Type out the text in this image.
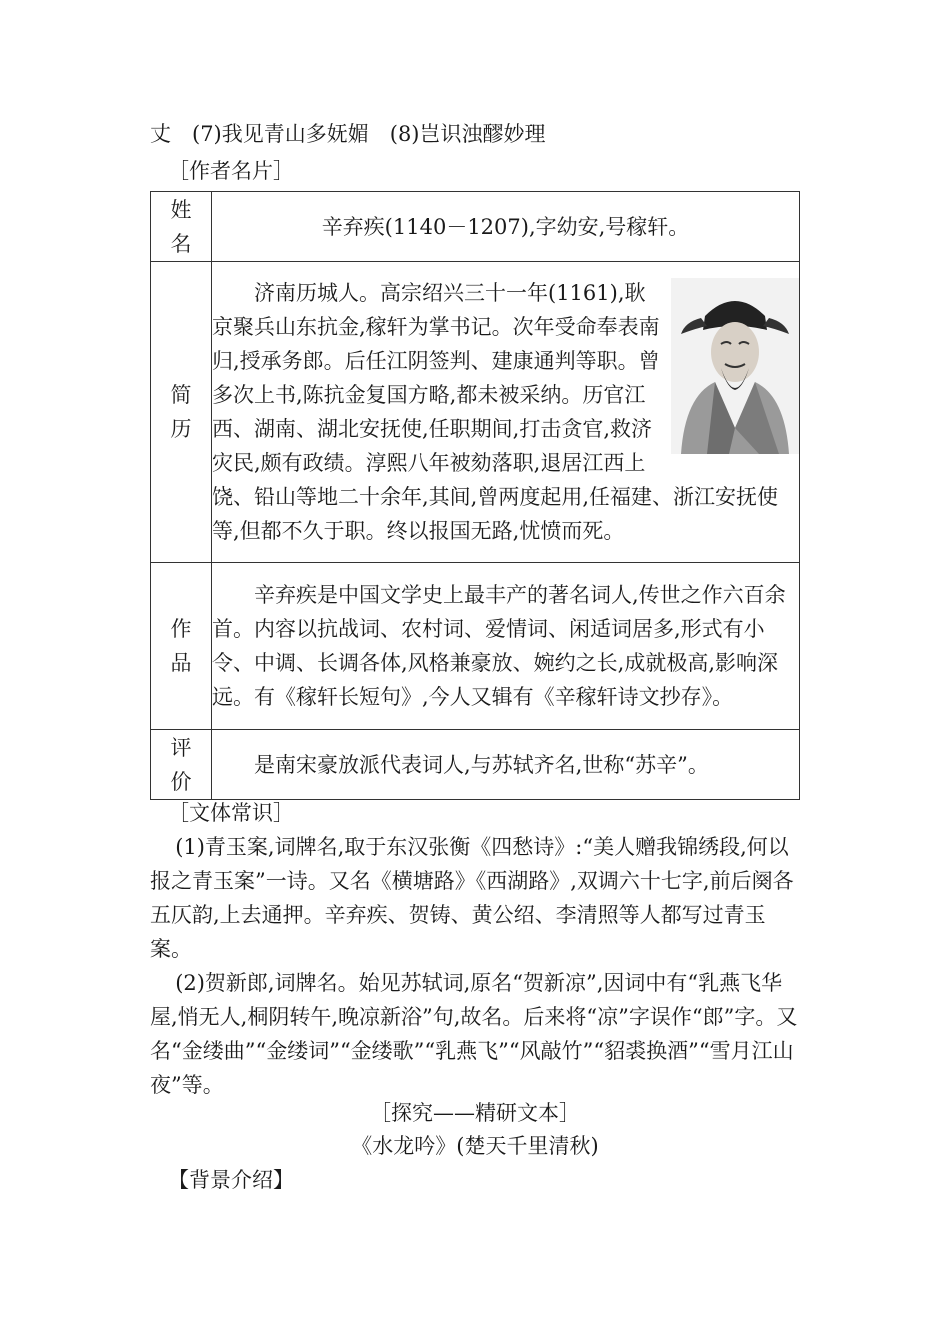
丈　(7)我见青山多妩媚　(8)岂识浊醪妙理
［作者名片］
姓
名	辛弃疾(1140－1207),字幼安,号稼轩。

简
历	济南历城人。高宗绍兴三十一年(1161),耿京聚兵山东抗金,稼轩为掌书记。次年受命奉表南归,授承务郎。后任江阴签判、建康通判等职。曾多次上书,陈抗金复国方略,都未被采纳。历官江西、湖南、湖北安抚使,任职期间,打击贪官,救济灾民,颇有政绩。淳熙八年被劾落职,退居江西上饶、铅山等地二十余年,其间,曾两度起用,任福建、浙江安抚使等,但都不久于职。终以报国无路,忧愤而死。

作
品	辛弃疾是中国文学史上最丰产的著名词人,传世之作六百余首。内容以抗战词、农村词、爱情词、闲适词居多,形式有小令、中调、长调各体,风格兼豪放、婉约之长,成就极高,影响深远。有《稼轩长短句》,今人又辑有《辛稼轩诗文抄存》。

评
价	是南宋豪放派代表词人,与苏轼齐名,世称“苏辛”。
［文体常识］
(1)青玉案,词牌名,取于东汉张衡《四愁诗》:“美人赠我锦绣段,何以报之青玉案”一诗。又名《横塘路》《西湖路》,双调六十七字,前后阕各五仄韵,上去通押。辛弃疾、贺铸、黄公绍、李清照等人都写过青玉案。
(2)贺新郎,词牌名。始见苏轼词,原名“贺新凉”,因词中有“乳燕飞华屋,悄无人,桐阴转午,晚凉新浴”句,故名。后来将“凉”字误作“郎”字。又名“金缕曲”“金缕词”“金缕歌”“乳燕飞”“风敲竹”“貂裘换酒”“雪月江山夜”等。
［探究——精研文本］
《水龙吟》(楚天千里清秋)
【背景介绍】
